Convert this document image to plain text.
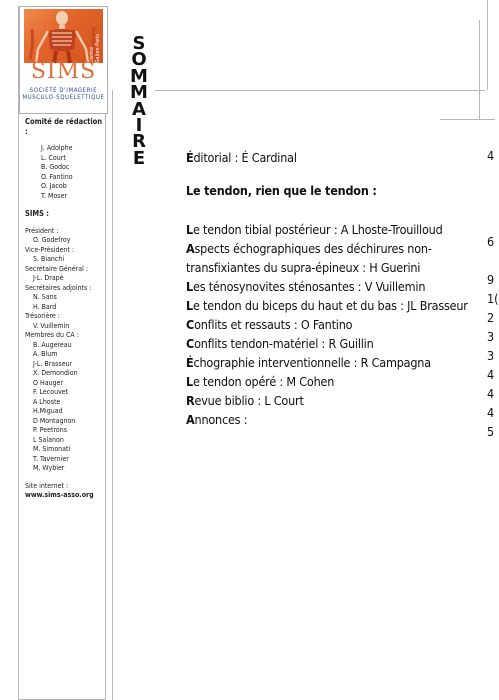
Centre Galien-Paris
SIMS
SOCIÉTÉ D'IMAGERIE
MUSCULO-SQUELETTIQUE
Comité de rédaction :
J. Adolphe
L. Court
B. Godoc
O. Fantino
O. Jacob
T. Moser
SIMS :
Président :
O. Godefroy
Vice-Président :
S. Bianchi
Secrétaire Général :
J-L. Drapé
Secrétaires adjoints :
N. Sans
H. Bard
Trésorière :
V. Vuillemin
Membres du CA :
B. Augereau
A. Blum
J-L. Brasseur
X. Demondion
O Hauger
F. Lecouvet
A Lhoste
H.Miguad
D Montagnon
P. Peetrons
L Salanon
M. Simonati
T. Tavernier
M. Wybier
Site internet :
www.sims-asso.org
S
O
M
M
A
I
R
E	Éditorial : É Cardinal
Le tendon, rien que le tendon :
Le tendon tibial postérieur : A Lhoste-Trouilloud
Aspects échographiques des déchirures non-
transfixiantes du supra-épineux : H Guerini
Les ténosynovites sténosantes : V Vuillemin
Le tendon du biceps du haut et du bas : JL Brasseur
Conflits et ressauts : O Fantino
Conflits tendon-matériel : R Guillin
Échographie interventionnelle : R Campagna
Le tendon opéré : M Cohen
Revue biblio : L Court
Annonces :
4
6
9
1(
2
3
3
4
4
4
5
